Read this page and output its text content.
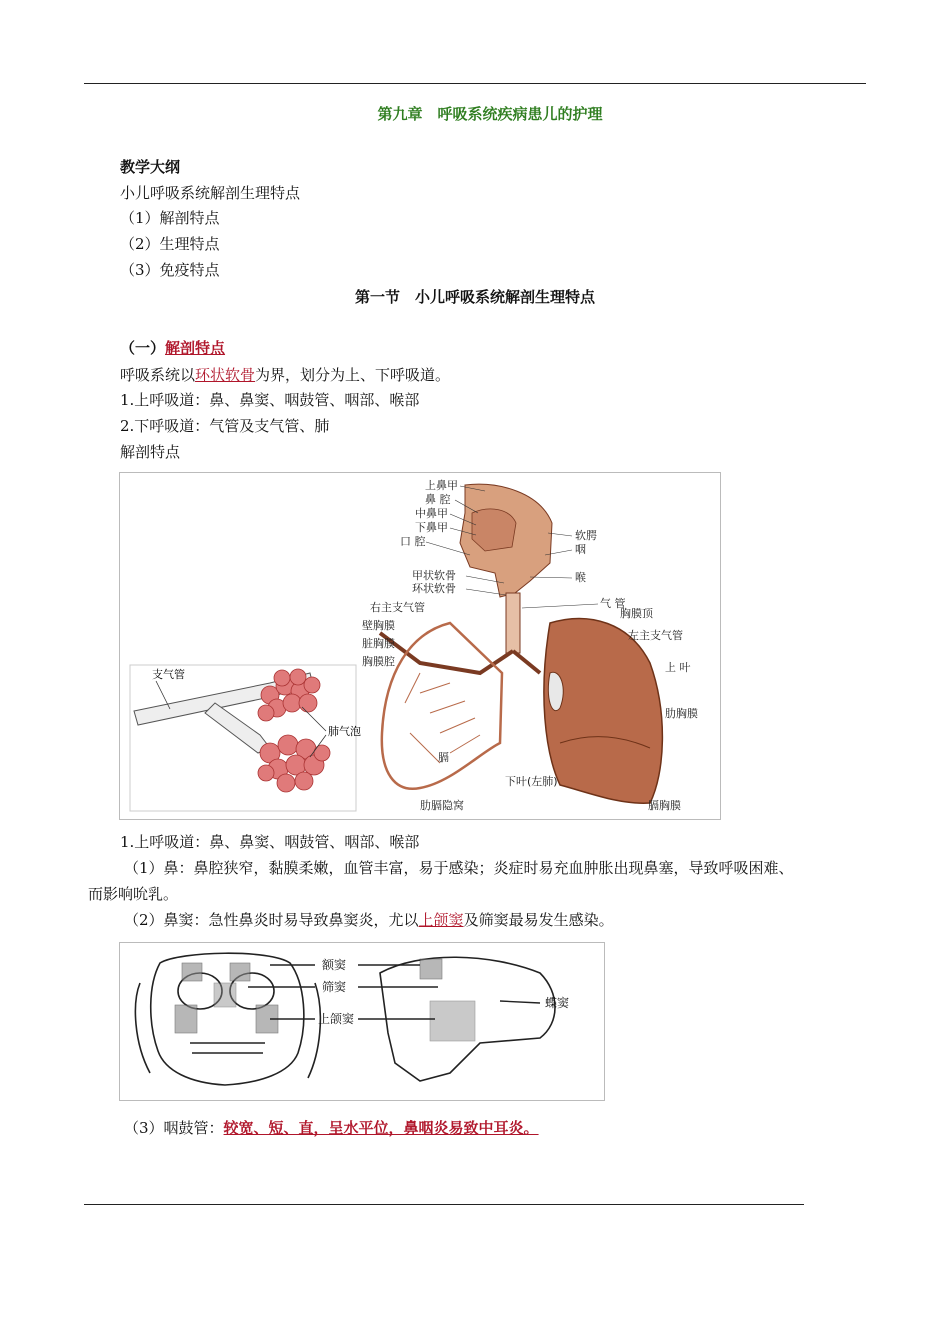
第九章　呼吸系统疾病患儿的护理
教学大纲
小儿呼吸系统解剖生理特点
（1）解剖特点
（2）生理特点
（3）免疫特点
第一节　小儿呼吸系统解剖生理特点
（一）解剖特点
呼吸系统以环状软骨为界，划分为上、下呼吸道。
1.上呼吸道：鼻、鼻窦、咽鼓管、咽部、喉部
2.下呼吸道：气管及支气管、肺
解剖特点
支气管
肺气泡
上鼻甲
鼻 腔
中鼻甲
下鼻甲
口 腔
甲状软骨
环状软骨
软腭
咽
喉
气 管
右主支气管
壁胸膜
脏胸膜
胸膜腔
胸膜顶
左主支气管
上 叶
肋胸膜
膈
肋膈隐窝
下叶(左肺)
膈胸膜
1.上呼吸道：鼻、鼻窦、咽鼓管、咽部、喉部
（1）鼻：鼻腔狭窄，黏膜柔嫩，血管丰富，易于感染；炎症时易充血肿胀出现鼻塞，导致呼吸困难、
而影响吮乳。
（2）鼻窦：急性鼻炎时易导致鼻窦炎，尤以上颌窦及筛窦最易发生感染。
额窦
筛窦
上颌窦
蝶窦
（3）咽鼓管：较宽、短、直，呈水平位，鼻咽炎易致中耳炎。
